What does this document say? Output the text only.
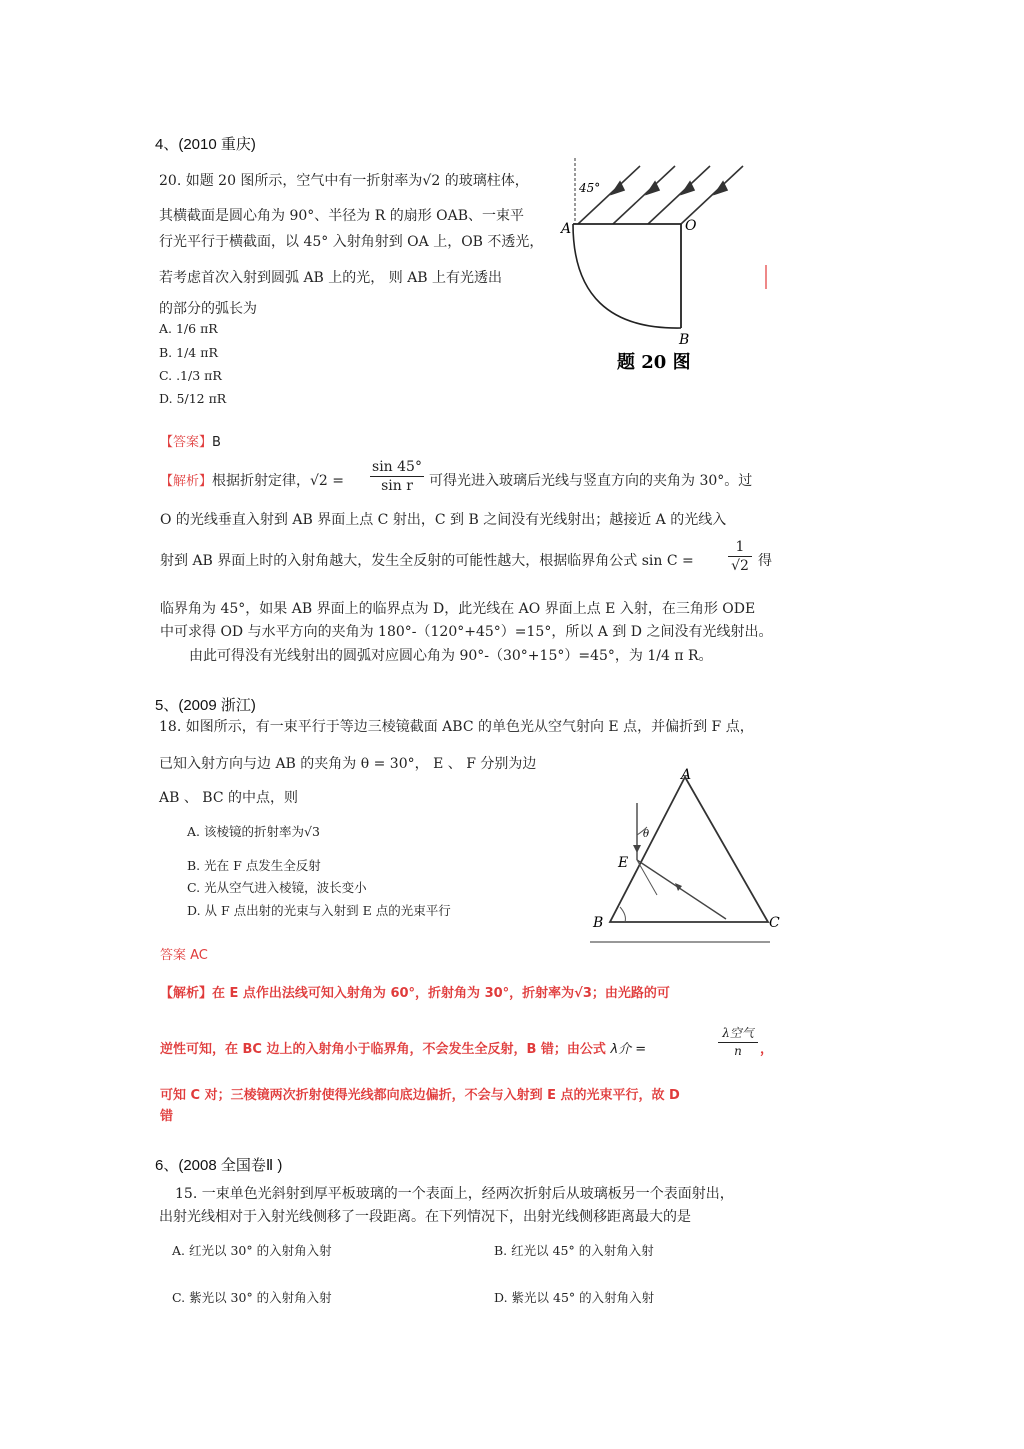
4、(2010 重庆)
20. 如题 20 图所示，空气中有一折射率为√2 的玻璃柱体，
其横截面是圆心角为 90°、半径为 R 的扇形 OAB、一束平
行光平行于横截面，以 45° 入射角射到 OA 上，OB 不透光，
若考虑首次入射到圆弧 AB 上的光， 则 AB 上有光透出
的部分的弧长为
A. 1/6 πR
B. 1/4 πR
C. .1/3 πR
D. 5/12 πR
45°
A	O
B
题 20 图
【答案】B
【解析】根据折射定律，√2 =
sin 45°
sin r	可得光进入玻璃后光线与竖直方向的夹角为 30°。过
O 的光线垂直入射到 AB 界面上点 C 射出，C 到 B 之间没有光线射出；越接近 A 的光线入
射到 AB 界面上时的入射角越大，发生全反射的可能性越大，根据临界角公式 sin C =
1
√2 得
临界角为 45°，如果 AB 界面上的临界点为 D，此光线在 AO 界面上点 E 入射，在三角形 ODE
中可求得 OD 与水平方向的夹角为 180°-（120°+45°）=15°，所以 A 到 D 之间没有光线射出。
由此可得没有光线射出的圆弧对应圆心角为 90°-（30°+15°）=45°，为 1/4 π R。
5、(2009 浙江)
18. 如图所示，有一束平行于等边三棱镜截面 ABC 的单色光从空气射向 E 点，并偏折到 F 点，
已知入射方向与边 AB 的夹角为 θ = 30°， E 、 F 分别为边
AB 、 BC 的中点，则
A. 该棱镜的折射率为√3
B. 光在 F 点发生全反射
C. 光从空气进入棱镜，波长变小
D. 从 F 点出射的光束与入射到 E 点的光束平行
A
E
B	C
θ
答案 AC
【解析】在 E 点作出法线可知入射角为 60°，折射角为 30°，折射率为√3；由光路的可
逆性可知，在 BC 边上的入射角小于临界角，不会发生全反射，B 错；由公式 λ介 =
λ空气
n	，
可知 C 对；三棱镜两次折射使得光线都向底边偏折，不会与入射到 E 点的光束平行，故 D
错
6、(2008 全国卷Ⅱ )
15. 一束单色光斜射到厚平板玻璃的一个表面上，经两次折射后从玻璃板另一个表面射出，
出射光线相对于入射光线侧移了一段距离。在下列情况下，出射光线侧移距离最大的是
A. 红光以 30° 的入射角入射	B. 红光以 45° 的入射角入射
C. 紫光以 30° 的入射角入射	D. 紫光以 45° 的入射角入射
